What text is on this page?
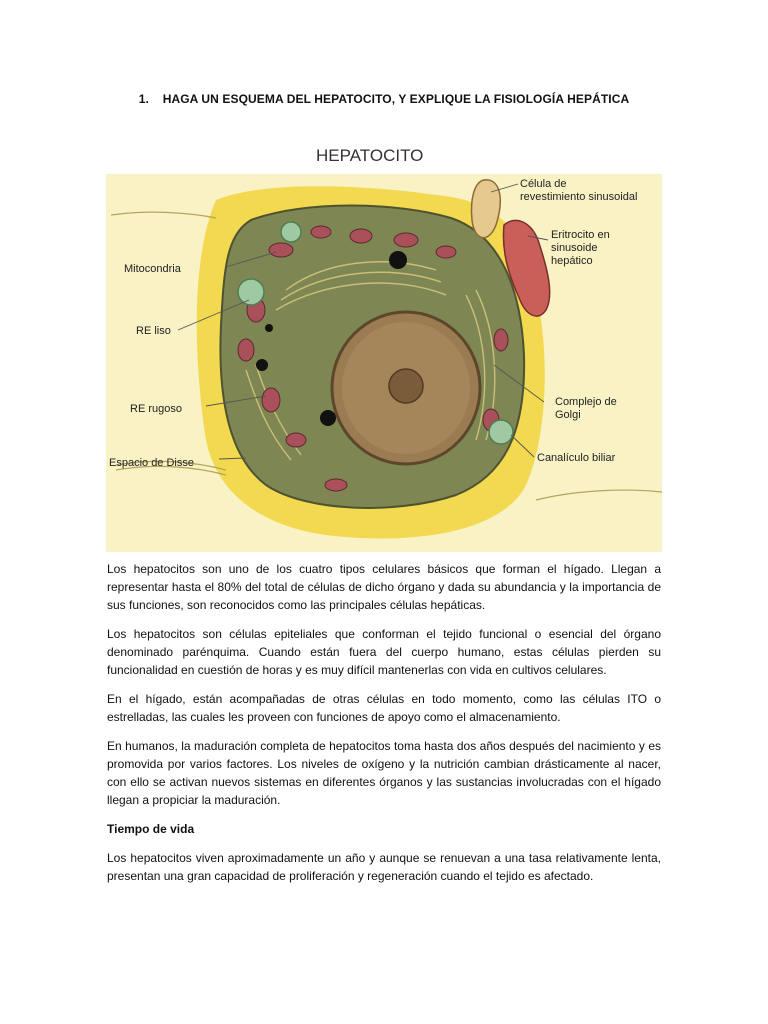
1.    HAGA UN ESQUEMA DEL HEPATOCITO, Y EXPLIQUE LA FISIOLOGÍA HEPÁTICA
HEPATOCITO
Célula de
revestimiento sinusoidal
Eritrocito en
sinusoide
hepático
Mitocondria
RE liso
RE rugoso
Espacio de Disse
Complejo de
Golgi
Canalículo biliar

Los hepatocitos son uno de los cuatro tipos celulares básicos que forman el hígado. Llegan a representar hasta el 80% del total de células de dicho órgano y dada su abundancia y la importancia de sus funciones, son reconocidos como las principales células hepáticas.

Los hepatocitos son células epiteliales que conforman el tejido funcional o esencial del órgano denominado parénquima. Cuando están fuera del cuerpo humano, estas células pierden su funcionalidad en cuestión de horas y es muy difícil mantenerlas con vida en cultivos celulares.

En el hígado, están acompañadas de otras células en todo momento, como las células ITO o estrelladas, las cuales les proveen con funciones de apoyo como el almacenamiento.

En humanos, la maduración completa de hepatocitos toma hasta dos años después del nacimiento y es promovida por varios factores. Los niveles de oxígeno y la nutrición cambian drásticamente al nacer, con ello se activan nuevos sistemas en diferentes órganos y las sustancias involucradas con el hígado llegan a propiciar la maduración.

Tiempo de vida

Los hepatocitos viven aproximadamente un año y aunque se renuevan a una tasa relativamente lenta, presentan una gran capacidad de proliferación y regeneración cuando el tejido es afectado.
